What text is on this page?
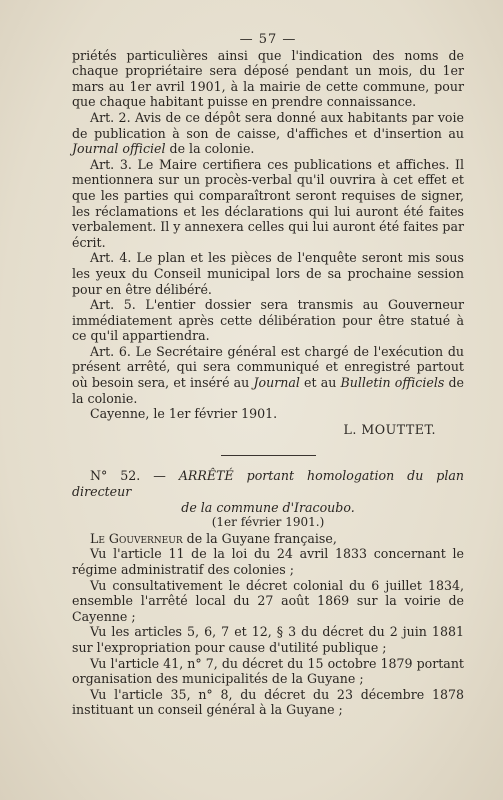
— 57 —

priétés particulières ainsi que l'indication des noms de chaque propriétaire sera déposé pendant un mois, du 1er mars au 1er avril 1901, à la mairie de cette commune, pour que chaque habitant puisse en prendre connaissance.

Art. 2. Avis de ce dépôt sera donné aux habitants par voie de publication à son de caisse, d'affiches et d'insertion au Journal officiel de la colonie.

Art. 3. Le Maire certifiera ces publications et affiches. Il mentionnera sur un procès-verbal qu'il ouvrira à cet effet et que les parties qui comparaîtront seront requises de signer, les réclamations et les déclarations qui lui auront été faites verbalement. Il y annexera celles qui lui auront été faites par écrit.

Art. 4. Le plan et les pièces de l'enquête seront mis sous les yeux du Conseil municipal lors de sa prochaine session pour en être délibéré.

Art. 5. L'entier dossier sera transmis au Gouverneur immédiatement après cette délibération pour être statué à ce qu'il appartiendra.

Art. 6. Le Secrétaire général est chargé de l'exécution du présent arrêté, qui sera communiqué et enregistré partout où besoin sera, et inséré au Journal et au Bulletin officiels de la colonie.

Cayenne, le 1er février 1901.

L. MOUTTET.

N° 52. — ARRÊTÉ portant homologation du plan directeur

de la commune d'Iracoubo.

(1er février 1901.)

Le Gouverneur de la Guyane française,

Vu l'article 11 de la loi du 24 avril 1833 concernant le régime administratif des colonies ;

Vu consultativement le décret colonial du 6 juillet 1834, ensemble l'arrêté local du 27 août 1869 sur la voirie de Cayenne ;

Vu les articles 5, 6, 7 et 12, § 3 du décret du 2 juin 1881 sur l'expropriation pour cause d'utilité publique ;

Vu l'article 41, n° 7, du décret du 15 octobre 1879 portant organisation des municipalités de la Guyane ;

Vu l'article 35, n° 8, du décret du 23 décembre 1878 instituant un conseil général à la Guyane ;
